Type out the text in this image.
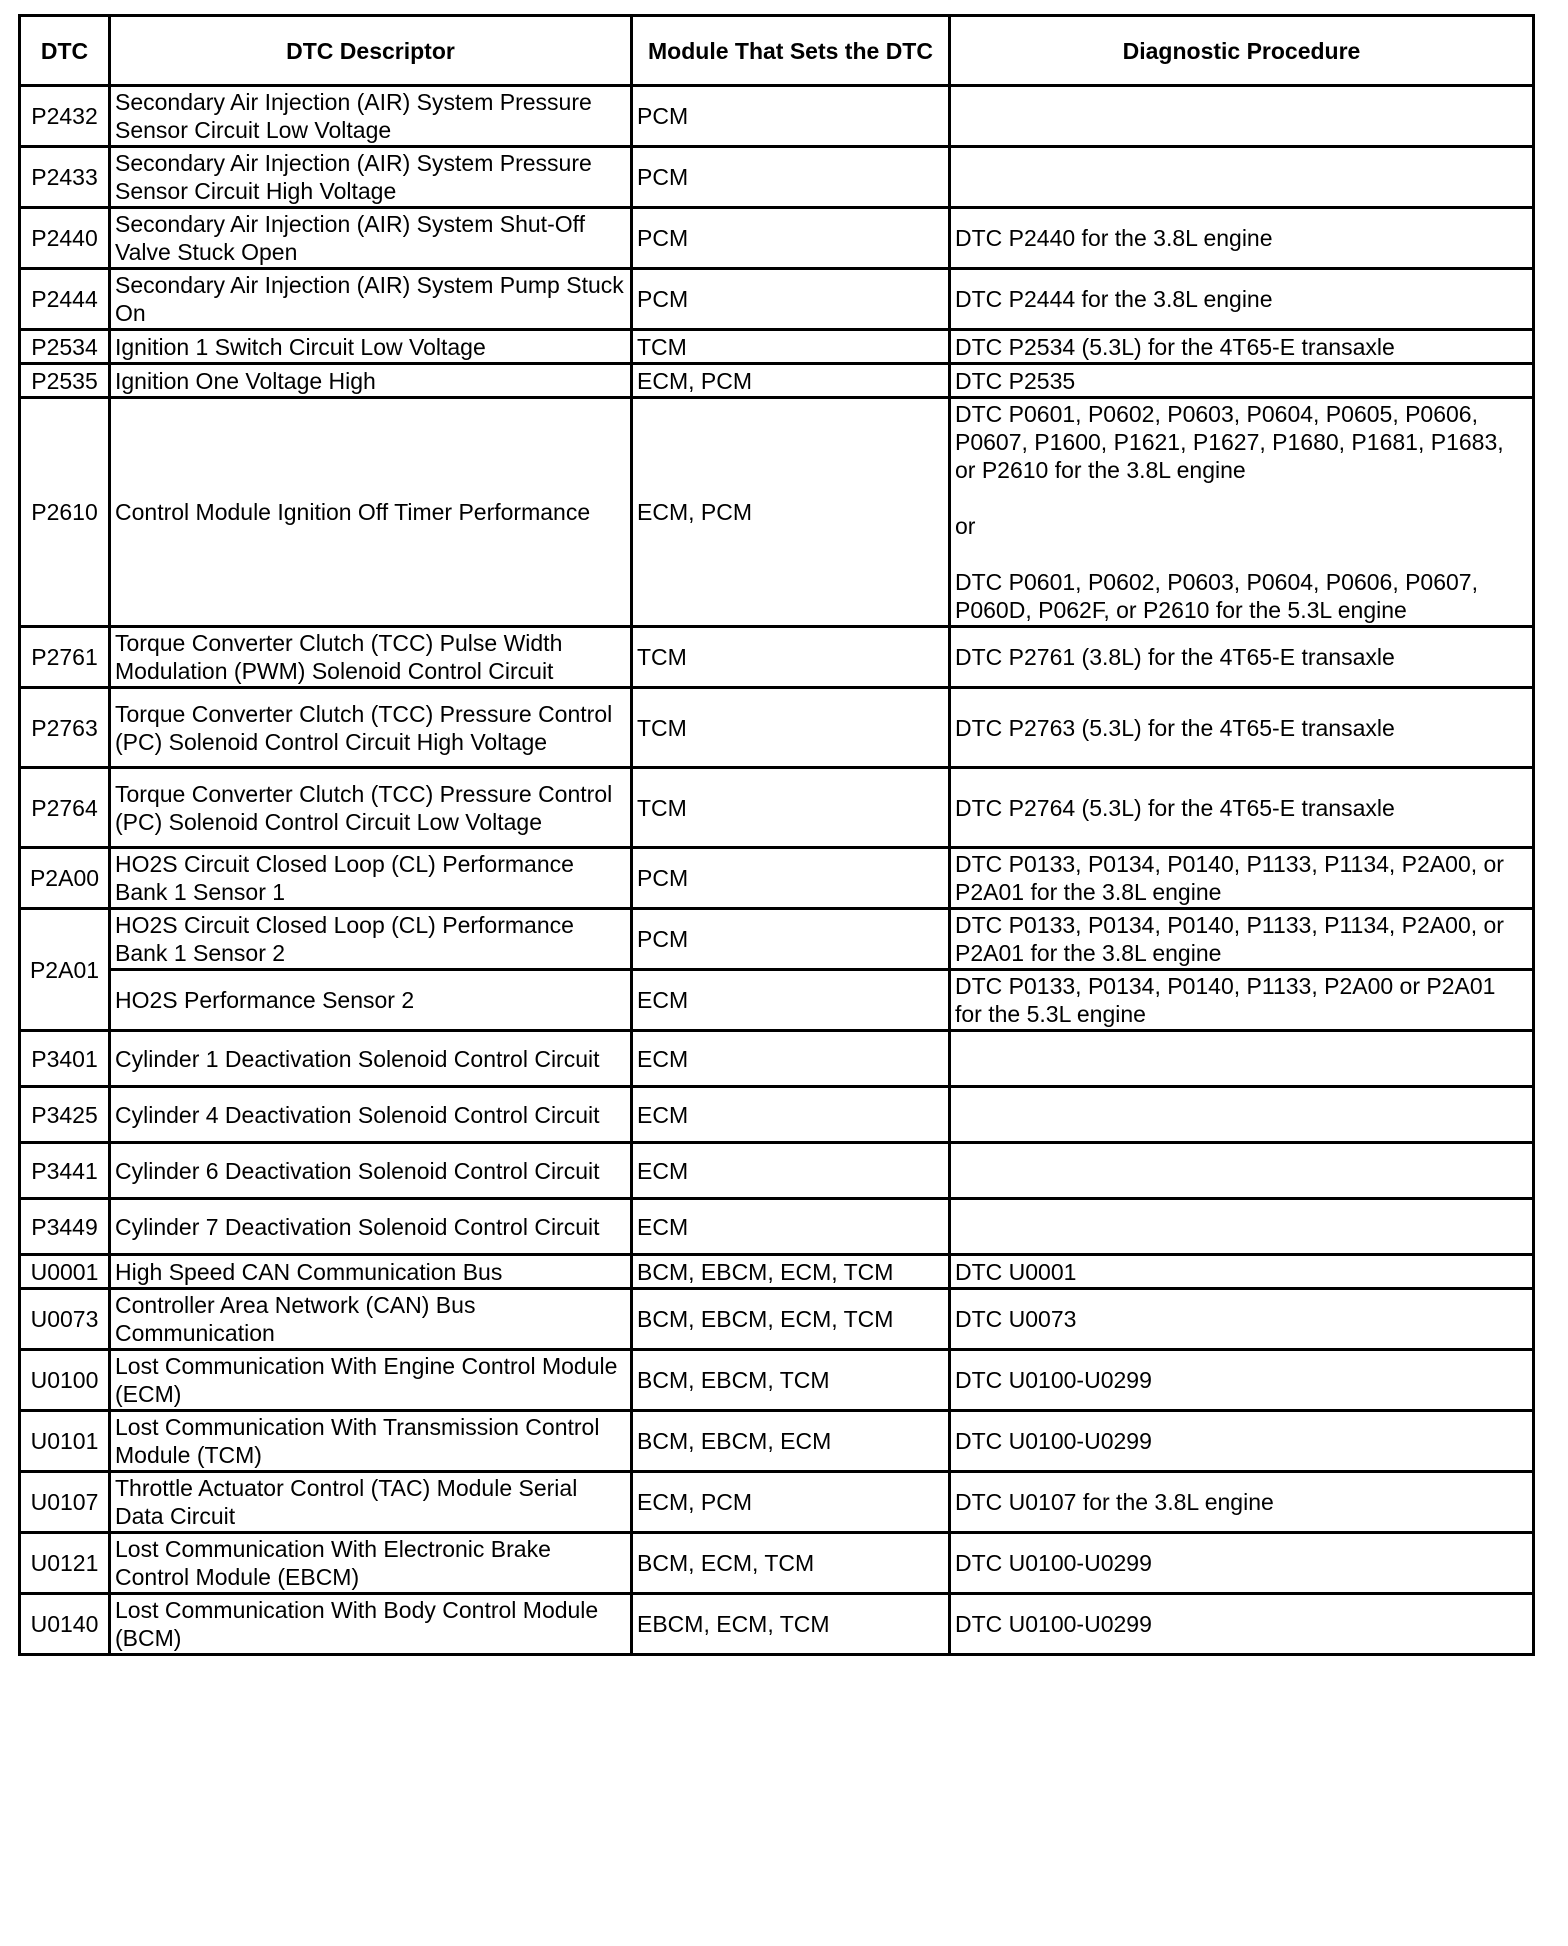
DTC	DTC Descriptor	Module That Sets the DTC	Diagnostic Procedure
P2432	Secondary Air Injection (AIR) System Pressure Sensor Circuit Low Voltage	PCM	

P2433	Secondary Air Injection (AIR) System Pressure Sensor Circuit High Voltage	PCM	

P2440	Secondary Air Injection (AIR) System Shut-Off Valve Stuck Open	PCM	DTC P2440 for the 3.8L engine

P2444	Secondary Air Injection (AIR) System Pump Stuck On	PCM	DTC P2444 for the 3.8L engine

P2534	Ignition 1 Switch Circuit Low Voltage	TCM	DTC P2534 (5.3L) for the 4T65-E transaxle

P2535	Ignition One Voltage High	ECM, PCM	DTC P2535

P2610	Control Module Ignition Off Timer Performance	ECM, PCM	DTC P0601, P0602, P0603, P0604, P0605, P0606, P0607, P1600, P1621, P1627, P1680, P1681, P1683, or P2610 for the 3.8L engine
or
DTC P0601, P0602, P0603, P0604, P0606, P0607, P060D, P062F, or P2610 for the 5.3L engine

P2761	Torque Converter Clutch (TCC) Pulse Width Modulation (PWM) Solenoid Control Circuit	TCM	DTC P2761 (3.8L) for the 4T65-E transaxle

P2763	Torque Converter Clutch (TCC) Pressure Control (PC) Solenoid Control Circuit High Voltage	TCM	DTC P2763 (5.3L) for the 4T65-E transaxle

P2764	Torque Converter Clutch (TCC) Pressure Control (PC) Solenoid Control Circuit Low Voltage	TCM	DTC P2764 (5.3L) for the 4T65-E transaxle

P2A00	HO2S Circuit Closed Loop (CL) Performance Bank 1 Sensor 1	PCM	DTC P0133, P0134, P0140, P1133, P1134, P2A00, or P2A01 for the 3.8L engine

P2A01	HO2S Circuit Closed Loop (CL) Performance Bank 1 Sensor 2	PCM	DTC P0133, P0134, P0140, P1133, P1134, P2A00, or P2A01 for the 3.8L engine

	HO2S Performance Sensor 2	ECM	DTC P0133, P0134, P0140, P1133, P2A00 or P2A01 for the 5.3L engine

P3401	Cylinder 1 Deactivation Solenoid Control Circuit	ECM	

P3425	Cylinder 4 Deactivation Solenoid Control Circuit	ECM	

P3441	Cylinder 6 Deactivation Solenoid Control Circuit	ECM	

P3449	Cylinder 7 Deactivation Solenoid Control Circuit	ECM	

U0001	High Speed CAN Communication Bus	BCM, EBCM, ECM, TCM	DTC U0001

U0073	Controller Area Network (CAN) Bus Communication	BCM, EBCM, ECM, TCM	DTC U0073

U0100	Lost Communication With Engine Control Module (ECM)	BCM, EBCM, TCM	DTC U0100-U0299

U0101	Lost Communication With Transmission Control Module (TCM)	BCM, EBCM, ECM	DTC U0100-U0299

U0107	Throttle Actuator Control (TAC) Module Serial Data Circuit	ECM, PCM	DTC U0107 for the 3.8L engine

U0121	Lost Communication With Electronic Brake Control Module (EBCM)	BCM, ECM, TCM	DTC U0100-U0299

U0140	Lost Communication With Body Control Module (BCM)	EBCM, ECM, TCM	DTC U0100-U0299
